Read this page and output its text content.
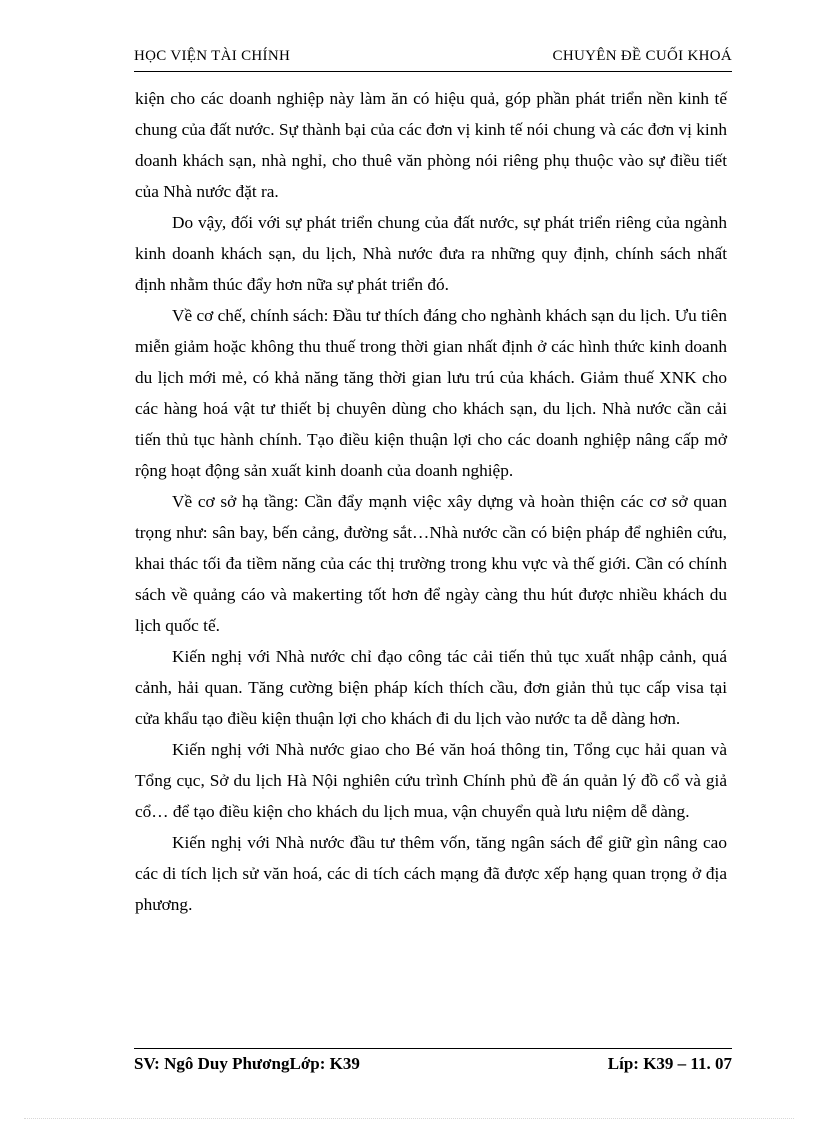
HỌC VIỆN TÀI CHÍNH	CHUYÊN ĐỀ CUỐI KHOÁ

kiện cho các doanh nghiệp này làm ăn có hiệu quả, góp phần phát triển nền kinh tế chung của đất nước. Sự thành bại của các đơn vị kinh tế nói chung và các đơn vị kinh doanh khách sạn, nhà nghỉ, cho thuê văn phòng nói riêng phụ thuộc vào sự điều tiết của Nhà nước đặt ra.

Do vậy, đối với sự phát triển chung của đất nước, sự phát triển riêng của ngành kinh doanh khách sạn, du lịch, Nhà nước đưa ra những quy định, chính sách nhất định nhằm thúc đẩy hơn nữa sự phát triển đó.

Về cơ chế, chính sách: Đầu tư thích đáng cho nghành khách sạn du lịch. Ưu tiên miễn giảm hoặc không thu thuế trong thời gian nhất định ở các hình thức kinh doanh du lịch mới mẻ, có khả năng tăng thời gian lưu trú của khách. Giảm thuế XNK cho các hàng hoá vật tư thiết bị chuyên dùng cho khách sạn, du lịch. Nhà nước cần cải tiến thủ tục hành chính. Tạo điều kiện thuận lợi cho các doanh nghiệp nâng cấp mở rộng hoạt động sản xuất kinh doanh của doanh nghiệp.

Về cơ sở hạ tầng: Cần đẩy mạnh việc xây dựng và hoàn thiện các cơ sở quan trọng như: sân bay, bến cảng, đường sắt…Nhà nước cần có biện pháp để nghiên cứu, khai thác tối đa tiềm năng của các thị trường trong khu vực và thế giới. Cần có chính sách về quảng cáo và makerting tốt hơn để ngày càng thu hút được nhiều khách du lịch quốc tế.

Kiến nghị với Nhà nước chỉ đạo công tác cải tiến thủ tục xuất nhập cảnh, quá cảnh, hải quan. Tăng cường biện pháp kích thích cầu, đơn giản thủ tục cấp visa tại cửa khẩu tạo điều kiện thuận lợi cho khách đi du lịch vào nước ta dễ dàng hơn.

Kiến nghị với Nhà nước giao cho Bé văn hoá thông tin, Tổng cục hải quan và Tổng cục, Sở du lịch Hà Nội nghiên cứu trình Chính phủ đề án quản lý đồ cổ và giả cổ… để tạo điều kiện cho khách du lịch mua, vận chuyển quà lưu niệm dễ dàng.

Kiến nghị với Nhà nước đầu tư thêm vốn, tăng ngân sách để giữ gìn nâng cao các di tích lịch sử văn hoá, các di tích cách mạng đã được xếp hạng quan trọng ở địa phương.

SV: Ngô Duy PhươngLớp: K39	Líp: K39 – 11. 07
